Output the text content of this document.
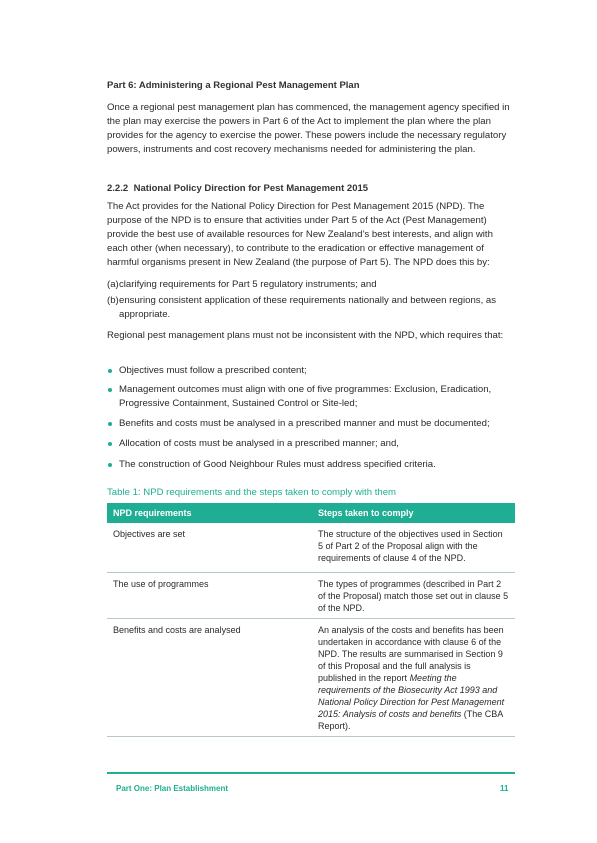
Part 6: Administering a Regional Pest Management Plan

Once a regional pest management plan has commenced, the management agency specified in the plan may exercise the powers in Part 6 of the Act to implement the plan where the plan provides for the agency to exercise the power. These powers include the necessary regulatory powers, instruments and cost recovery mechanisms needed for administering the plan.

2.2.2 National Policy Direction for Pest Management 2015

The Act provides for the National Policy Direction for Pest Management 2015 (NPD). The purpose of the NPD is to ensure that activities under Part 5 of the Act (Pest Management) provide the best use of available resources for New Zealand’s best interests, and align with each other (when necessary), to contribute to the eradication or effective management of harmful organisms present in New Zealand (the purpose of Part 5). The NPD does this by:

(a) clarifying requirements for Part 5 regulatory instruments; and
(b) ensuring consistent application of these requirements nationally and between regions, as appropriate.

Regional pest management plans must not be inconsistent with the NPD, which requires that:

Objectives must follow a prescribed content;
Management outcomes must align with one of five programmes: Exclusion, Eradication, Progressive Containment, Sustained Control or Site-led;
Benefits and costs must be analysed in a prescribed manner and must be documented;
Allocation of costs must be analysed in a prescribed manner; and,
The construction of Good Neighbour Rules must address specified criteria.
Table 1: NPD requirements and the steps taken to comply with them
NPD requirements	Steps taken to comply
Objectives are set	The structure of the objectives used in Section 5 of Part 2 of the Proposal align with the requirements of clause 4 of the NPD.
The use of programmes	The types of programmes (described in Part 2 of the Proposal) match those set out in clause 5 of the NPD.
Benefits and costs are analysed	An analysis of the costs and benefits has been undertaken in accordance with clause 6 of the NPD. The results are summarised in Section 9 of this Proposal and the full analysis is published in the report Meeting the requirements of the Biosecurity Act 1993 and National Policy Direction for Pest Management 2015: Analysis of costs and benefits (The CBA Report).
Part One: Plan Establishment	11
